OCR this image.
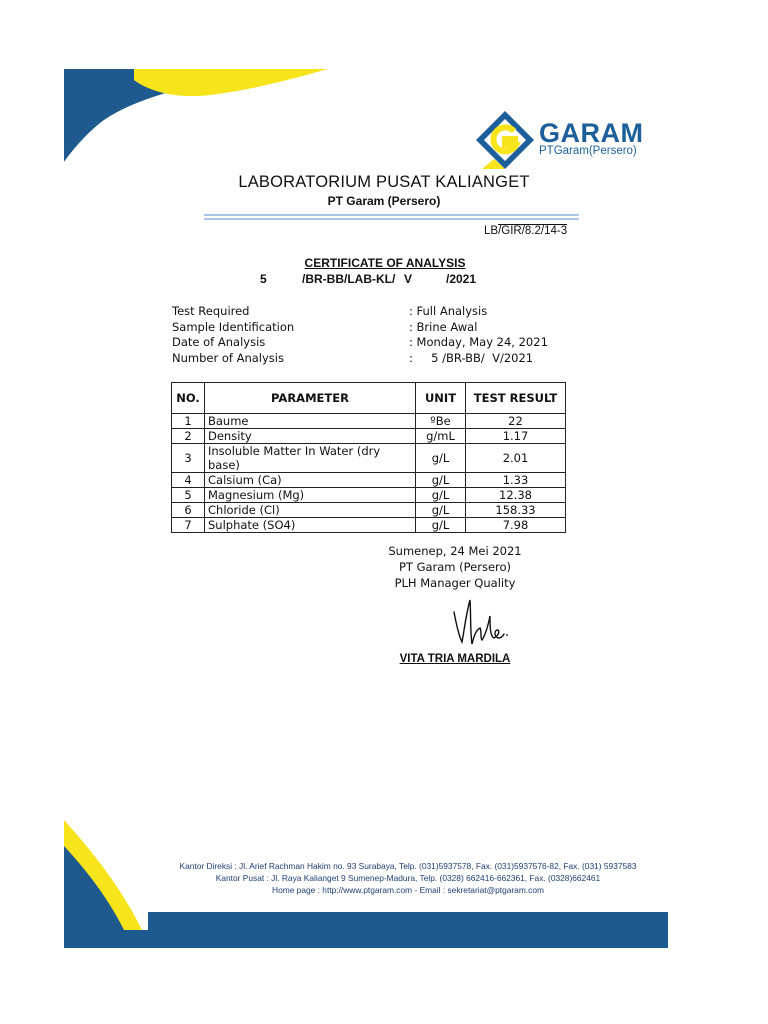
GARAM
PTGaram(Persero)
LABORATORIUM PUSAT KALIANGET
PT Garam (Persero)
LB/GIR/8.2/14-3
CERTIFICATE OF ANALYSIS
5	/BR-BB/LAB-KL/ V	/2021
Test Required	: Full Analysis
Sample Identification	: Brine Awal
Date of Analysis	: Monday, May 24, 2021
Number of Analysis	:     5 /BR-BB/  V/2021
NO.	PARAMETER	UNIT	TEST RESULT
1	Baume	ºBe	22
2	Density	g/mL	1.17
3	Insoluble Matter In Water (dry base)	g/L	2.01
4	Calsium (Ca)	g/L	1.33
5	Magnesium (Mg)	g/L	12.38
6	Chloride (Cl)	g/L	158.33
7	Sulphate (SO4)	g/L	7.98
Sumenep, 24 Mei 2021
PT Garam (Persero)
PLH Manager Quality
VITA TRIA MARDILA
Kantor Direksi : Jl. Arief Rachman Hakim no. 93 Surabaya, Telp. (031)5937578, Fax. (031)5937576-82, Fax. (031) 5937583
Kantor Pusat : Jl. Raya Kalianget 9 Sumenep-Madura, Telp. (0328) 662416-662361, Fax. (0328)662461
Home page : http://www.ptgaram.com - Email : sekretariat@ptgaram.com
